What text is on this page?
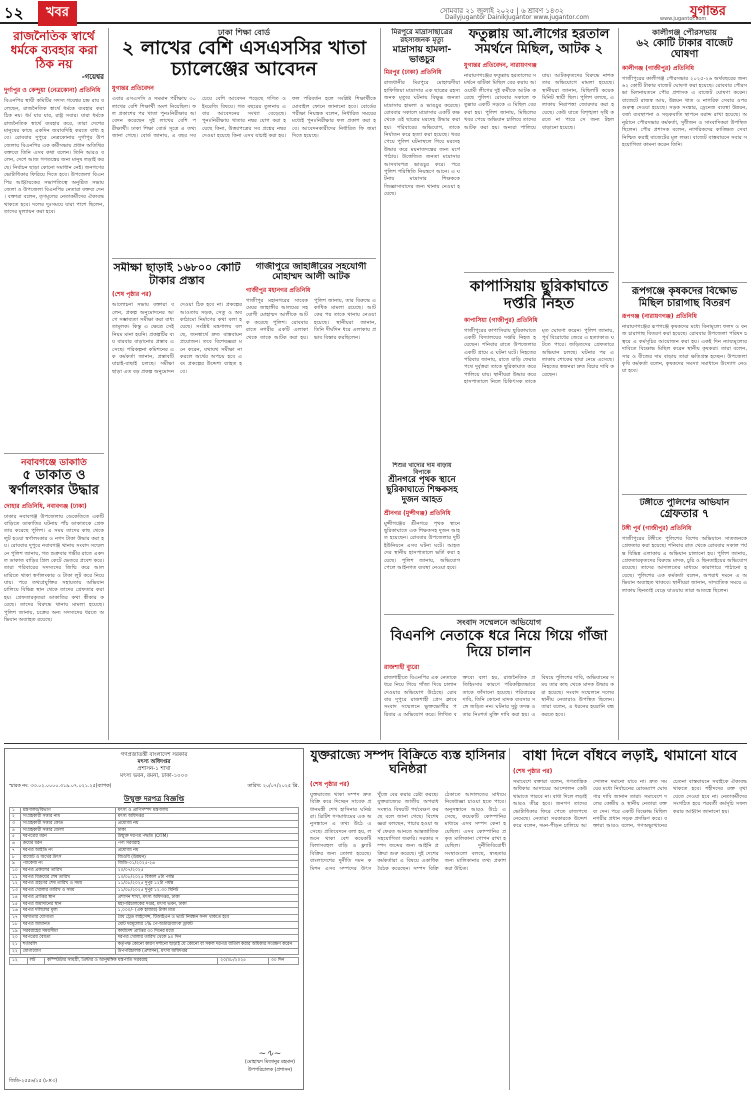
১২	খবর	সোমবার ২১ জুলাই ২০২৫ | ৬ শ্রাবণ ১৪৩২
Dailyjugantor DainikJugantor www.jugantor.com	যুগান্তর
www.jugantor.com
রাজনৈতিক স্বার্থে ধর্মকে ব্যবহার করা ঠিক নয়
-গয়েশ্বর
দুর্গাপুর ও কেন্দুয়া (নেত্রকোনা) প্রতিনিধি
বিএনপির স্থায়ী কমিটির সদস্য গয়েশ্বর চন্দ্র রায় বলেছেন, রাজনৈতিক স্বার্থে ধর্মকে ব্যবহার করা ঠিক নয়। ধর্ম যার যার, রাষ্ট্র সবার। যারা ধর্মকে রাজনৈতিক স্বার্থে ব্যবহার করে, তারা দেশের মানুষের কাছে একদিন জবাবদিহি করতে বাধ্য হবে। রোববার দুপুরে নেত্রকোনার দুর্গাপুর উপজেলায় বিএনপির এক কর্মীসভায় প্রধান অতিথির বক্তব্যে তিনি এসব কথা বলেন। তিনি আরও বলেন, দেশে আজ গণতন্ত্রের জন্য মানুষ লড়াই করছে। নির্বাচন ছাড়া কোনো সমাধান নেই। জনগণের ভোটাধিকার ফিরিয়ে দিতে হবে। উপজেলা বিএনপির আহ্বায়কের সভাপতিত্বে অনুষ্ঠিত সভায় জেলা ও উপজেলা বিএনপির নেতারা বক্তব্য দেন। বক্তারা বলেন, তৃণমূলের নেতাকর্মীদের ঐক্যবদ্ধ থাকতে হবে। দলের দুঃসময়ে যারা পাশে ছিলেন, তাদের মূল্যায়ন করা হবে।
নবাবগঞ্জে ডাকাতি
৫ ডাকাত ও স্বর্ণালংকার উদ্ধার
দোহার প্রতিনিধি, নবাবগঞ্জ (ঢাকা)
ঢাকার নবাবগঞ্জ উপজেলায় ডেকেতিতে একটি বাড়িতে ডাকাতির ঘটনায় পাঁচ ডাকাতকে গ্রেফতার করেছে পুলিশ। এ সময় তাদের কাছ থেকে লুট হওয়া স্বর্ণালংকার ও নগদ টাকা উদ্ধার করা হয়। রোববার দুপুরে নবাবগঞ্জ থানায় সংবাদ সম্মেলনে পুলিশ জানায়, গত শুক্রবার গভীর রাতে একদল ডাকাত বাড়ির গ্রিল কেটে ভেতরে প্রবেশ করে। তারা পরিবারের সদস্যদের জিম্মি করে আলমারিতে থাকা স্বর্ণালংকার ও টাকা লুট করে নিয়ে যায়। পরে তথ্যপ্রযুক্তির সহায়তায় অভিযান চালিয়ে বিভিন্ন স্থান থেকে তাদের গ্রেফতার করা হয়। গ্রেফতারকৃতরা ডাকাতির কথা স্বীকার করেছে। তাদের বিরুদ্ধে থানায় মামলা হয়েছে। পুলিশ জানায়, চক্রের অন্য সদস্যদের ধরতে অভিযান অব্যাহত রয়েছে।
ঢাকা শিক্ষা বোর্ড
২ লাখের বেশি এসএসসির খাতা চ্যালেঞ্জের আবেদন
যুগান্তর প্রতিবেদন
এবার এসএসসি ও সমমান পরীক্ষায় ৩০ লাখের বেশি শিক্ষার্থী অংশ নিয়েছিল। ফল প্রকাশের পর খাতা পুনঃনিরীক্ষার আবেদন করেছেন দুই লাখের বেশি পরীক্ষার্থী। ঢাকা শিক্ষা বোর্ড সূত্রে এ তথ্য জানা গেছে। বোর্ড জানায়, এ বছর সবচেয়ে বেশি আবেদন পড়েছে গণিত ও ইংরেজি বিষয়ে। গত বছরের তুলনায় এবার আবেদনের সংখ্যা বেড়েছে। পুনঃনিরীক্ষায় খাতার নম্বর যোগ করা হয়েছে কিনা, উত্তরপত্রের সব প্রশ্নের নম্বর দেওয়া হয়েছে কিনা এসব যাচাই করা হয়। ফল পরিবর্তন হলে সংশ্লিষ্ট শিক্ষার্থীকে মোবাইল ফোনে জানানো হবে। বোর্ডের পরীক্ষা নিয়ন্ত্রক বলেন, নির্ধারিত সময়ের মধ্যেই পুনঃনিরীক্ষার ফল প্রকাশ করা হবে। আবেদনকারীদের নির্ধারিত ফি জমা দিতে হয়েছে।
সমীক্ষা ছাড়াই ১৬৮০০ কোটি টাকার প্রস্তাব
(শেষ পৃষ্ঠার পর)
আলোচনা সভায় বক্তারা বলেন, প্রকল্প অনুমোদনের আগে সম্ভাব্যতা সমীক্ষা করা বাধ্যতামূলক। কিন্তু এ ক্ষেত্রে সেই নিয়ম মানা হয়নি। প্রকল্পটির ব্যয় বারবার বাড়ানোর প্রস্তাব এসেছে। পরিকল্পনা কমিশনের এক কর্মকর্তা জানান, প্রস্তাবটি যাচাই-বাছাই চলছে। সমীক্ষা ছাড়া এত বড় প্রকল্প অনুমোদন দেওয়া ঠিক হবে না। প্রকল্পের আওতায় সড়ক, সেতু ও অবকাঠামো নির্মাণের কথা বলা হয়েছে। সংশ্লিষ্ট মন্ত্রণালয় বলছে, জনস্বার্থে দ্রুত বাস্তবায়ন প্রয়োজন। তবে বিশেষজ্ঞরা মনে করেন, যথাযথ সমীক্ষা না করলে অর্থের অপচয় হবে এবং প্রকল্পের উদ্দেশ্য ব্যাহত হবে।
গাজীপুরে জাহাঙ্গীরের সহযোগী মোহাম্মদ আলী আটক
গাজীপুর মহানগর প্রতিনিধি
গাজীপুর মহানগরের সাবেক মেয়র জাহাঙ্গীর আলমের সহযোগী মোহাম্মদ আলীকে আটক করেছে পুলিশ। রোববার রাতে নগরীর একটি এলাকা থেকে তাকে আটক করা হয়। পুলিশ জানায়, তার বিরুদ্ধে একাধিক মামলা রয়েছে। আটকের পর তাকে থানায় নেওয়া হয়েছে। স্থানীয়রা জানান, তিনি দীর্ঘদিন ধরে এলাকায় প্রভাব বিস্তার করছিলেন।
মিরপুরে মাদ্রাসাছাত্রের রহস্যজনক মৃত্যু
মাদ্রাসায় হামলা-ভাঙচুর
মিরপুর (ঢাকা) প্রতিনিধি
রাজধানীর মিরপুরে মোহাম্মদীয়া হাফিজিয়া মাদ্রাসার এক ছাত্রের রহস্যজনক মৃত্যুর ঘটনায় বিক্ষুব্ধ জনতা মাদ্রাসায় হামলা ও ভাঙচুর করেছে। রোববার সকালে মাদ্রাসার একটি কক্ষ থেকে ওই ছাত্রের মরদেহ উদ্ধার করা হয়। পরিবারের অভিযোগ, তাকে নির্যাতন করে হত্যা করা হয়েছে। খবর পেয়ে পুলিশ ঘটনাস্থলে গিয়ে মরদেহ উদ্ধার করে ময়নাতদন্তের জন্য মর্গে পাঠায়। উত্তেজিত জনতা মাদ্রাসার আসবাবপত্র ভাঙচুর করে। পরে পুলিশ পরিস্থিতি নিয়ন্ত্রণে আনে। এ ঘটনায় মাদ্রাসার শিক্ষককে জিজ্ঞাসাবাদের জন্য থানায় নেওয়া হয়েছে।
ফতুল্লায় আ.লীগের হরতাল সমর্থনে মিছিল, আটক ২
যুগান্তর প্রতিবেদন, নারায়ণগঞ্জ
নারায়ণগঞ্জের ফতুল্লায় হরতালের সমর্থনে ঝটিকা মিছিল বের করায় আওয়ামী লীগের দুই কর্মীকে আটক করেছে পুলিশ। রোববার সকালে ফতুল্লার একটি সড়কে এ মিছিল বের করা হয়। পুলিশ জানায়, মিছিলের খবর পেয়ে অভিযান চালিয়ে তাদের আটক করা হয়। অন্যরা পালিয়ে যায়। আটককৃতদের বিরুদ্ধে নাশকতার অভিযোগে মামলা হয়েছে। স্থানীয়রা জানান, মিছিলটি কয়েক মিনিট স্থায়ী ছিল। পুলিশ বলছে, এলাকায় নিরাপত্তা জোরদার করা হয়েছে। কেউ যাতে বিশৃঙ্খলা সৃষ্টি করতে না পারে সে জন্য টহল বাড়ানো হয়েছে।
কাপাসিয়ায় ছুরিকাঘাতে দপ্তরি নিহত
কাপাসিয়া (গাজীপুর) প্রতিনিধি
গাজীপুরের কাপাসিয়ায় ছুরিকাঘাতে একটি বিদ্যালয়ের দপ্তরি নিহত হয়েছেন। শনিবার রাতে উপজেলার একটি গ্রামে এ ঘটনা ঘটে। নিহতের পরিবার জানায়, রাতে বাড়ি ফেরার পথে দুর্বৃত্তরা তাকে ছুরিকাঘাত করে পালিয়ে যায়। স্থানীয়রা উদ্ধার করে হাসপাতালে নিলে চিকিৎসক তাকে মৃত ঘোষণা করেন। পুলিশ জানায়, পূর্ব বিরোধের জেরে এ হত্যাকাণ্ড ঘটতে পারে। জড়িতদের গ্রেফতারে অভিযান চলছে। ঘটনার পর এলাকায় শোকের ছায়া নেমে এসেছে। নিহতের স্বজনরা দ্রুত বিচার দাবি করেছেন।
শিশুর খাদ্যের দাম বাড়ায় বিপাকে
শ্রীনগরে পৃথক স্থানে ছুরিকাঘাতে শিক্ষকসহ দুজন আহত
শ্রীনগর (মুন্সীগঞ্জ) প্রতিনিধি
মুন্সীগঞ্জের শ্রীনগরে পৃথক স্থানে ছুরিকাঘাতে এক শিক্ষকসহ দুজন আহত হয়েছেন। রোববার উপজেলার দুটি ইউনিয়নে এসব ঘটনা ঘটে। আহতদের স্থানীয় হাসপাতালে ভর্তি করা হয়েছে। পুলিশ জানায়, অভিযোগ পেলে আইনগত ব্যবস্থা নেওয়া হবে।
সংবাদ সম্মেলনে অভিযোগ
বিএনপি নেতাকে ধরে নিয়ে গিয়ে গাঁজা দিয়ে চালান
রাজশাহী ব্যুরো
রাজশাহীতে বিএনপির এক নেতাকে ধরে নিয়ে গিয়ে গাঁজা দিয়ে চালান দেওয়ার অভিযোগ উঠেছে। রোববার দুপুরে রাজশাহী প্রেস ক্লাবে সংবাদ সম্মেলনে ভুক্তভোগীর পরিবার এ অভিযোগ করে। লিখিত বক্তব্যে বলা হয়, রাজনৈতিক প্রতিহিংসার কারণে পরিকল্পিতভাবে তাকে ফাঁসানো হয়েছে। পরিবারের দাবি, তিনি কোনো মাদক ব্যবসার সঙ্গে জড়িত নন। ঘটনার সুষ্ঠু তদন্ত ও তার নিঃশর্ত মুক্তি দাবি করা হয়। এ বিষয়ে পুলিশের দাবি, অভিযানের সময় তার কাছ থেকে মাদক উদ্ধার করা হয়েছে। সংবাদ সম্মেলনে দলের স্থানীয় নেতারাও উপস্থিত ছিলেন। তারা বলেন, এ ধরনের হয়রানি বন্ধ করতে হবে।
কালীগঞ্জ পৌরসভায়
৬২ কোটি টাকার বাজেট ঘোষণা
কালীগঞ্জ (গাজীপুর) প্রতিনিধি
গাজীপুরের কালীগঞ্জ পৌরসভার ২০২৫-২৬ অর্থবছরের জন্য ৬২ কোটি টাকার বাজেট ঘোষণা করা হয়েছে। রোববার পৌরসভা মিলনায়তনে পৌর প্রশাসক এ বাজেট ঘোষণা করেন। বাজেটে রাজস্ব আয়, উন্নয়ন খাত ও নাগরিক সেবার ওপর গুরুত্ব দেওয়া হয়েছে। সড়ক সংস্কার, ড্রেনেজ ব্যবস্থা উন্নয়ন, বর্জ্য ব্যবস্থাপনা ও সড়কবাতি স্থাপনে বরাদ্দ রাখা হয়েছে। অনুষ্ঠানে পৌরসভার কর্মকর্তা, সুধীজন ও সাংবাদিকরা উপস্থিত ছিলেন। পৌর প্রশাসক বলেন, নাগরিকদের কাঙ্ক্ষিত সেবা নিশ্চিত করাই বাজেটের মূল লক্ষ্য। বাজেট বাস্তবায়নে সবার সহযোগিতা কামনা করেন তিনি।
রূপগঞ্জে কৃষকদের বিক্ষোভ মিছিল চারাগাছ বিতরণ
রূপগঞ্জ (নারায়ণগঞ্জ) প্রতিনিধি
নারায়ণগঞ্জের রূপগঞ্জে কৃষকদের মধ্যে বিনামূল্যে ফলদ ও বনজ চারাগাছ বিতরণ করা হয়েছে। রোববার উপজেলা পরিষদ চত্বরে এ কর্মসূচির আয়োজন করা হয়। একই দিন ন্যায্যমূল্যের দাবিতে বিক্ষোভ মিছিল করেন স্থানীয় কৃষকরা। তারা বলেন, সার ও বীজের দাম বাড়ায় তারা ক্ষতিগ্রস্ত হচ্ছেন। উপজেলা কৃষি কর্মকর্তা বলেন, কৃষকদের সমস্যা সমাধানে উদ্যোগ নেওয়া হবে।
টঙ্গীতে পুলিশের অভিযান
গ্রেফতার ৭
টঙ্গী পূর্ব (গাজীপুর) প্রতিনিধি
গাজীপুরের টঙ্গীতে পুলিশের বিশেষ অভিযানে সাতজনকে গ্রেফতার করা হয়েছে। শনিবার রাত থেকে রোববার সকাল পর্যন্ত বিভিন্ন এলাকায় এ অভিযান চালানো হয়। পুলিশ জানায়, গ্রেফতারকৃতদের বিরুদ্ধে মাদক, চুরি ও ছিনতাইয়ের অভিযোগ রয়েছে। তাদের আদালতের মাধ্যমে কারাগারে পাঠানো হয়েছে। পুলিশের এক কর্মকর্তা বলেন, অপরাধ দমনে এ অভিযান অব্যাহত থাকবে। স্থানীয়রা জানান, সাম্প্রতিক সময়ে এলাকায় ছিনতাই বেড়ে যাওয়ায় তারা আতঙ্কে ছিলেন।
গণপ্রজাতন্ত্রী বাংলাদেশ সরকার
মৎস্য অধিদপ্তর
প্রশাসন-১ শাখা
মৎস্য ভবন, রমনা, ঢাকা-১০০০
স্মারক নং: ৩৩.০২.০০০০.৩১৯.০৭.০২১.২৫(ব্যাপক)	তারিখ: ২০/০৭/২০২৫ খ্রি.
উন্মুক্ত দরপত্র বিজ্ঞপ্তি
১	মন্ত্রণালয়/বিভাগ	মৎস্য ও প্রাণিসম্পদ মন্ত্রণালয়
২	সংগ্রহকারী সত্তার নাম	মৎস্য অধিদপ্তর
৩	সংগ্রহকারী সত্তার কোড	প্রযোজ্য নয়
৪	সংগ্রহকারী সত্তার জেলা	ঢাকা
৫	দরপত্রের ধরন	উন্মুক্ত দরপত্র পদ্ধতি (OTM)
৬	ক্রয়ের ধরন	পণ্য সরবরাহ
৭	দরপত্র আইডি নং	প্রযোজ্য নয়
৮	বাজেট ও অর্থের উৎস	জিওবি (উন্নয়ন)
৯	প্যাকেজ নং	জিডি-০১/২০২৫-২৬
১০	দরপত্র প্রকাশের তারিখ	২০/০৭/২০২৫
১১	দরপত্র বিক্রয়ের শেষ তারিখ	১০/০৮/২০২৫ বিকাল ৪টা পর্যন্ত
১২	দরপত্র গ্রহণের শেষ তারিখ ও সময়	১১/০৮/২০২৫ দুপুর ১২টা পর্যন্ত
১৩	দরপত্র খোলার তারিখ ও সময়	১১/০৮/২০২৫ দুপুর ১২.৩০ মিনিট
১৪	দরপত্র প্রাপ্তির স্থান	প্রশাসন শাখা, মৎস্য অধিদপ্তর, ঢাকা
১৫	দরপত্র জমাদানের স্থান	মহাপরিচালকের দপ্তর, মৎস্য ভবন, ঢাকা
১৬	দরপত্র দলিলের মূল্য	১,০০০/- (এক হাজার) টাকা মাত্র
১৭	দরদাতার যোগ্যতা	বৈধ ট্রেড লাইসেন্স, টিআইএন ও ভ্যাট নিবন্ধন সনদ থাকতে হবে
১৮	দরপত্র জামানত	মোট দরমূল্যের ২% পে-অর্ডার/ব্যাংক ড্রাফট
১৯	সরবরাহের সময়সীমা	কার্যাদেশ প্রাপ্তির ৩০ দিনের মধ্যে
২০	দরপত্রের বৈধতা	দরপত্র খোলার তারিখ থেকে ৯০ দিন
২১	শর্তাবলি	কর্তৃপক্ষ কোনো কারণ দর্শানো ছাড়াই যে কোনো বা সকল দরপত্র বাতিল করার অধিকার সংরক্ষণ করেন
২২	যোগাযোগ	উপপরিচালক (প্রশাসন), মৎস্য অধিদপ্তর
১২	লট	কম্পিউটার সামগ্রী, প্রিন্টার ও আনুষঙ্গিক যন্ত্রপাতি সরবরাহ	২০/০৮/২০২৫	৩০ দিন
~∿~
(মোহাম্মদ মিজানুর রহমান)
উপপরিচালক (প্রশাসন)
জিডি-২৫৫৬/২৫ (৮×৩)
যুক্তরাজ্যে সম্পদ বিক্রিতে ব্যস্ত হাসিনার ঘনিষ্ঠরা
(শেষ পৃষ্ঠার পর)
যুক্তরাজ্যে থাকা সম্পদ দ্রুত বিক্রি করে দিচ্ছেন সাবেক প্রধানমন্ত্রী শেখ হাসিনার ঘনিষ্ঠরা। ব্রিটিশ গণমাধ্যমের এক অনুসন্ধানে এ তথ্য উঠে এসেছে। প্রতিবেদনে বলা হয়, লন্ডনে থাকা বেশ কয়েকটি বিলাসবহুল বাড়ি ও ফ্ল্যাট বিক্রির জন্য তোলা হয়েছে। বাংলাদেশের দুর্নীতি দমন কমিশন এসব সম্পদের উৎস খুঁজে বের করার চেষ্টা করছে। যুক্তরাজ্যের জাতীয় অপরাধ সংস্থাও বিষয়টি পর্যবেক্ষণ করছে বলে জানা গেছে। বিশেষজ্ঞরা বলছেন, পাচার হওয়া অর্থ ফেরত আনতে আন্তর্জাতিক সহযোগিতা জরুরি। সরকার সম্পদ জব্দের জন্য আইনি প্রক্রিয়া শুরু করেছে। দুই দেশের কর্মকর্তারা এ বিষয়ে একাধিক বৈঠক করেছেন। সম্পদ বিক্রি ঠেকাতে আদালতের মাধ্যমে নিষেধাজ্ঞা চাওয়া হতে পারে। অনুসন্ধানে আরও উঠে এসেছে, কয়েকটি কোম্পানির মাধ্যমে এসব সম্পদ কেনা হয়েছিল। এসব কোম্পানির প্রকৃত মালিকানা গোপন রাখা হয়েছিল। দুর্নীতিবিরোধী সংস্থাগুলো বলছে, স্বচ্ছতার জন্য মালিকানার তথ্য প্রকাশ করা উচিত।
বাধা দিলে বাঁধবে লড়াই, থামানো যাবে
(শেষ পৃষ্ঠার পর)
সমাবেশে বক্তারা বলেন, গণতান্ত্রিক অধিকার আদায়ের আন্দোলন কেউ থামাতে পারবে না। বাধা দিলে লড়াই আরও তীব্র হবে। জনগণ তাদের ভোটাধিকার ফিরে পেতে রাজপথে নেমেছে। নেতারা সরকারকে উদ্দেশ করে বলেন, দমন-পীড়ন চালিয়ে আন্দোলন দমানো যাবে না। দ্রুত সময়ের মধ্যে নির্বাচনের রোডম্যাপ ঘোষণার দাবি জানান তারা। সমাবেশে দলের কেন্দ্রীয় ও স্থানীয় নেতারা বক্তব্য দেন। পরে একটি বিক্ষোভ মিছিল নগরীর প্রধান সড়ক প্রদক্ষিণ করে। বক্তারা আরও বলেন, গণঅভ্যুত্থানের চেতনা বাস্তবায়নে সবাইকে ঐক্যবদ্ধ থাকতে হবে। শহীদদের রক্ত বৃথা যেতে দেওয়া হবে না। নেতাকর্মীদের সংগঠিত হয়ে পরবর্তী কর্মসূচি সফল করার আহ্বান জানানো হয়।
